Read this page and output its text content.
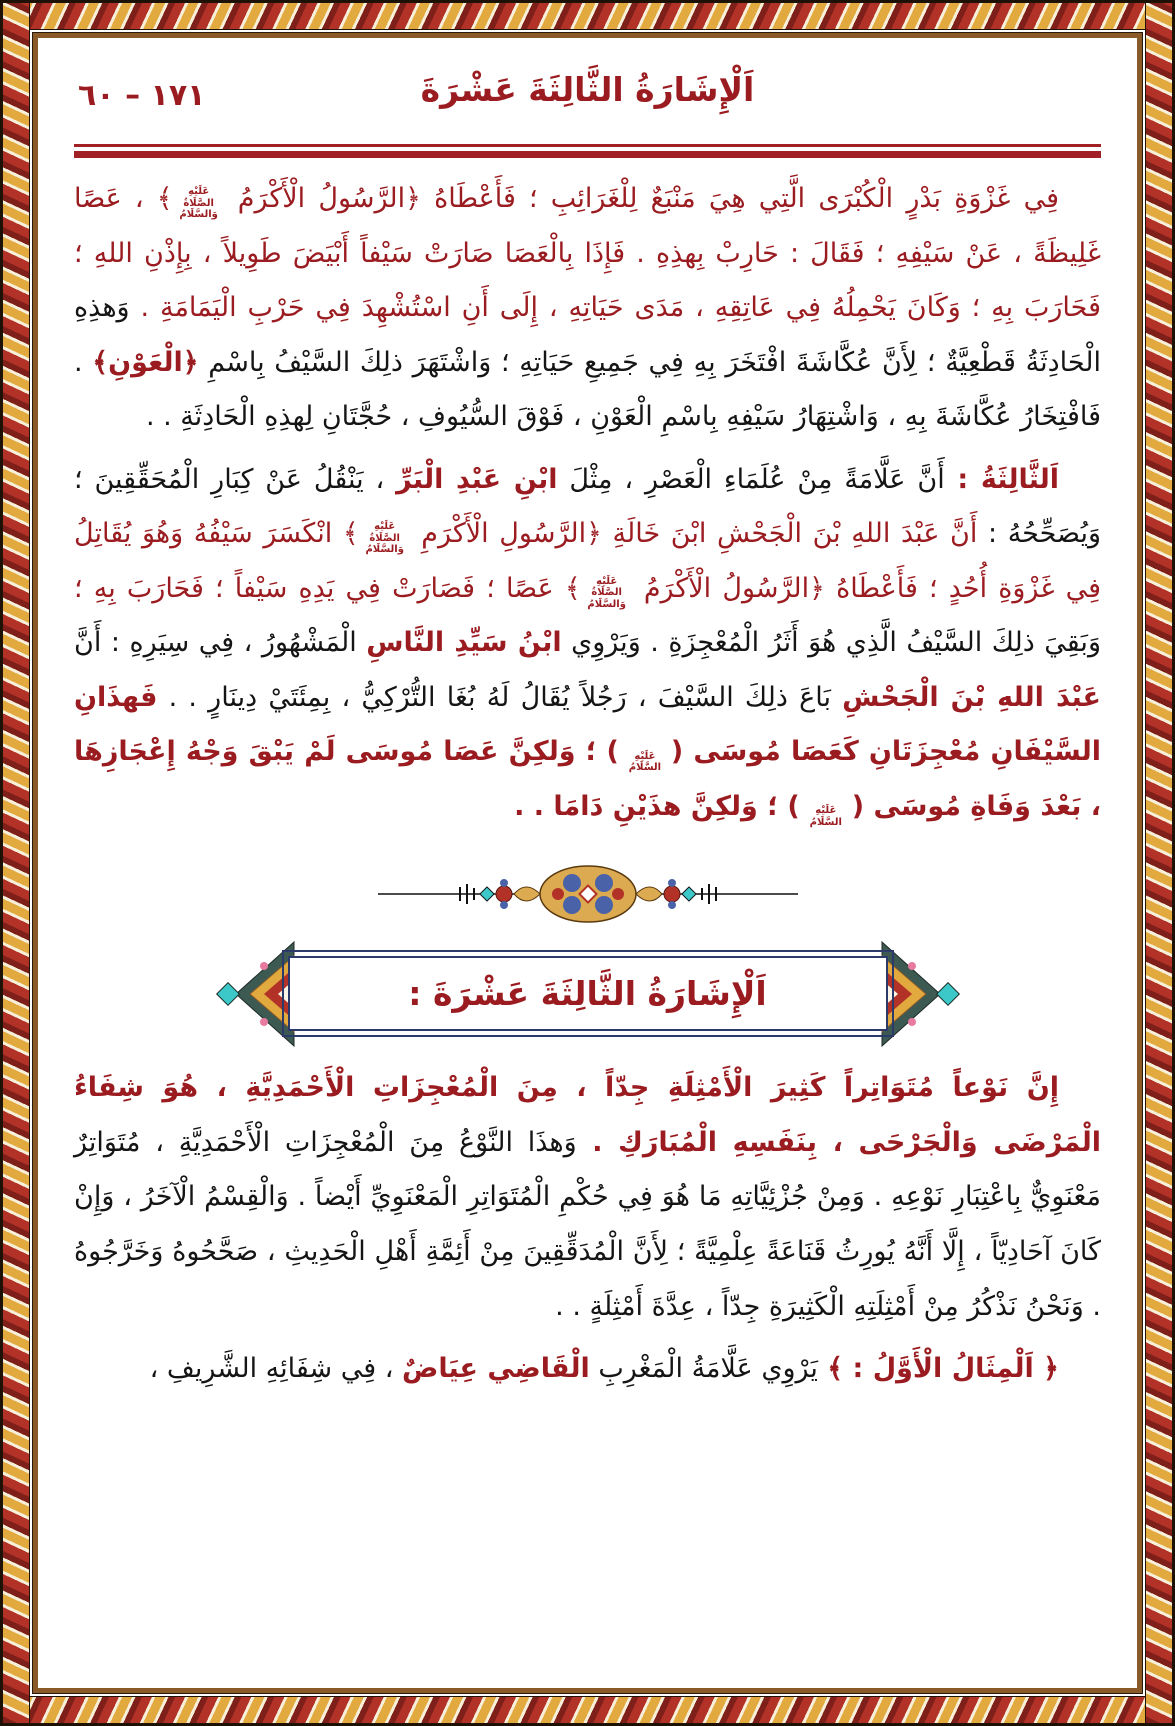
١٧١ – ٦٠	اَلْإِشَارَةُ الثَّالِثَةَ عَشْرَةَ

فِي غَزْوَةِ بَدْرٍ الْكُبْرَى الَّتِي هِيَ مَنْبَعٌ لِلْغَرَائِبِ ؛ فَأَعْطَاهُ ﴿الرَّسُولُ الْأَكْرَمُ عَلَيْهِ الصَّلَاةُ وَالسَّلَامُ﴾ ، عَصًا غَلِيظَةً ، عَنْ سَيْفِهِ ؛ فَقَالَ : حَارِبْ بِهذِهِ . فَإِذَا بِالْعَصَا صَارَتْ سَيْفاً أَبْيَضَ طَوِيلاً ، بِإِذْنِ اللهِ ؛ فَحَارَبَ بِهِ ؛ وَكَانَ يَحْمِلُهُ فِي عَاتِقِهِ ، مَدَى حَيَاتِهِ ، إِلَى أَنِ اسْتُشْهِدَ فِي حَرْبِ الْيَمَامَةِ . وَهذِهِ الْحَادِثَةُ قَطْعِيَّةٌ ؛ لِأَنَّ عُكَّاشَةَ افْتَخَرَ بِهِ فِي جَمِيعِ حَيَاتِهِ ؛ وَاشْتَهَرَ ذلِكَ السَّيْفُ بِاسْمِ ﴿الْعَوْنِ﴾ . فَافْتِخَارُ عُكَّاشَةَ بِهِ ، وَاشْتِهَارُ سَيْفِهِ بِاسْمِ الْعَوْنِ ، فَوْقَ السُّيُوفِ ، حُجَّتَانِ لِهذِهِ الْحَادِثَةِ . .

اَلثَّالِثَةُ : أَنَّ عَلَّامَةً مِنْ عُلَمَاءِ الْعَصْرِ ، مِثْلَ ابْنِ عَبْدِ الْبَرِّ ، يَنْقُلُ عَنْ كِبَارِ الْمُحَقِّقِينَ ؛ وَيُصَحِّحُهُ : أَنَّ عَبْدَ اللهِ بْنَ الْجَحْشِ ابْنَ خَالَةِ ﴿الرَّسُولِ الْأَكْرَمِ عَلَيْهِ الصَّلَاةُ وَالسَّلَامُ﴾ انْكَسَرَ سَيْفُهُ وَهُوَ يُقَاتِلُ فِي غَزْوَةِ أُحُدٍ ؛ فَأَعْطَاهُ ﴿الرَّسُولُ الْأَكْرَمُ عَلَيْهِ الصَّلَاةُ وَالسَّلَامُ﴾ عَصًا ؛ فَصَارَتْ فِي يَدِهِ سَيْفاً ؛ فَحَارَبَ بِهِ ؛ وَبَقِيَ ذلِكَ السَّيْفُ الَّذِي هُوَ أَثَرُ الْمُعْجِزَةِ . وَيَرْوِي ابْنُ سَيِّدِ النَّاسِ الْمَشْهُورُ ، فِي سِيَرِهِ : أَنَّ عَبْدَ اللهِ بْنَ الْجَحْشِ بَاعَ ذلِكَ السَّيْفَ ، رَجُلاً يُقَالُ لَهُ بُغَا التُّرْكِيُّ ، بِمِئَتَيْ دِينَارٍ . . فَهذَانِ السَّيْفَانِ مُعْجِزَتَانِ كَعَصَا مُوسَى (عَلَيْهِ السَّلَامُ) ؛ وَلكِنَّ عَصَا مُوسَى لَمْ يَبْقَ وَجْهُ إِعْجَازِهَا ، بَعْدَ وَفَاةِ مُوسَى (عَلَيْهِ السَّلَامُ) ؛ وَلكِنَّ هذَيْنِ دَامَا . .

اَلْإِشَارَةُ الثَّالِثَةَ عَشْرَةَ :

إِنَّ نَوْعاً مُتَوَاتِراً كَثِيرَ الْأَمْثِلَةِ جِدّاً ، مِنَ الْمُعْجِزَاتِ الْأَحْمَدِيَّةِ ، هُوَ شِفَاءُ الْمَرْضَى وَالْجَرْحَى ، بِنَفَسِهِ الْمُبَارَكِ . وَهذَا النَّوْعُ مِنَ الْمُعْجِزَاتِ الْأَحْمَدِيَّةِ ، مُتَوَاتِرٌ مَعْنَوِيٌّ بِاعْتِبَارِ نَوْعِهِ . وَمِنْ جُزْئِيَّاتِهِ مَا هُوَ فِي حُكْمِ الْمُتَوَاتِرِ الْمَعْنَوِيِّ أَيْضاً . وَالْقِسْمُ الْآخَرُ ، وَإِنْ كَانَ آحَادِيّاً ، إِلَّا أَنَّهُ يُورِثُ قَنَاعَةً عِلْمِيَّةً ؛ لِأَنَّ الْمُدَقِّقِينَ مِنْ أَئِمَّةِ أَهْلِ الْحَدِيثِ ، صَحَّحُوهُ وَخَرَّجُوهُ . وَنَحْنُ نَذْكُرُ مِنْ أَمْثِلَتِهِ الْكَثِيرَةِ جِدّاً ، عِدَّةَ أَمْثِلَةٍ . .

﴿ اَلْمِثَالُ الْأَوَّلُ : ﴾ يَرْوِي عَلَّامَةُ الْمَغْرِبِ الْقَاضِي عِيَاضٌ ، فِي شِفَائِهِ الشَّرِيفِ ،
